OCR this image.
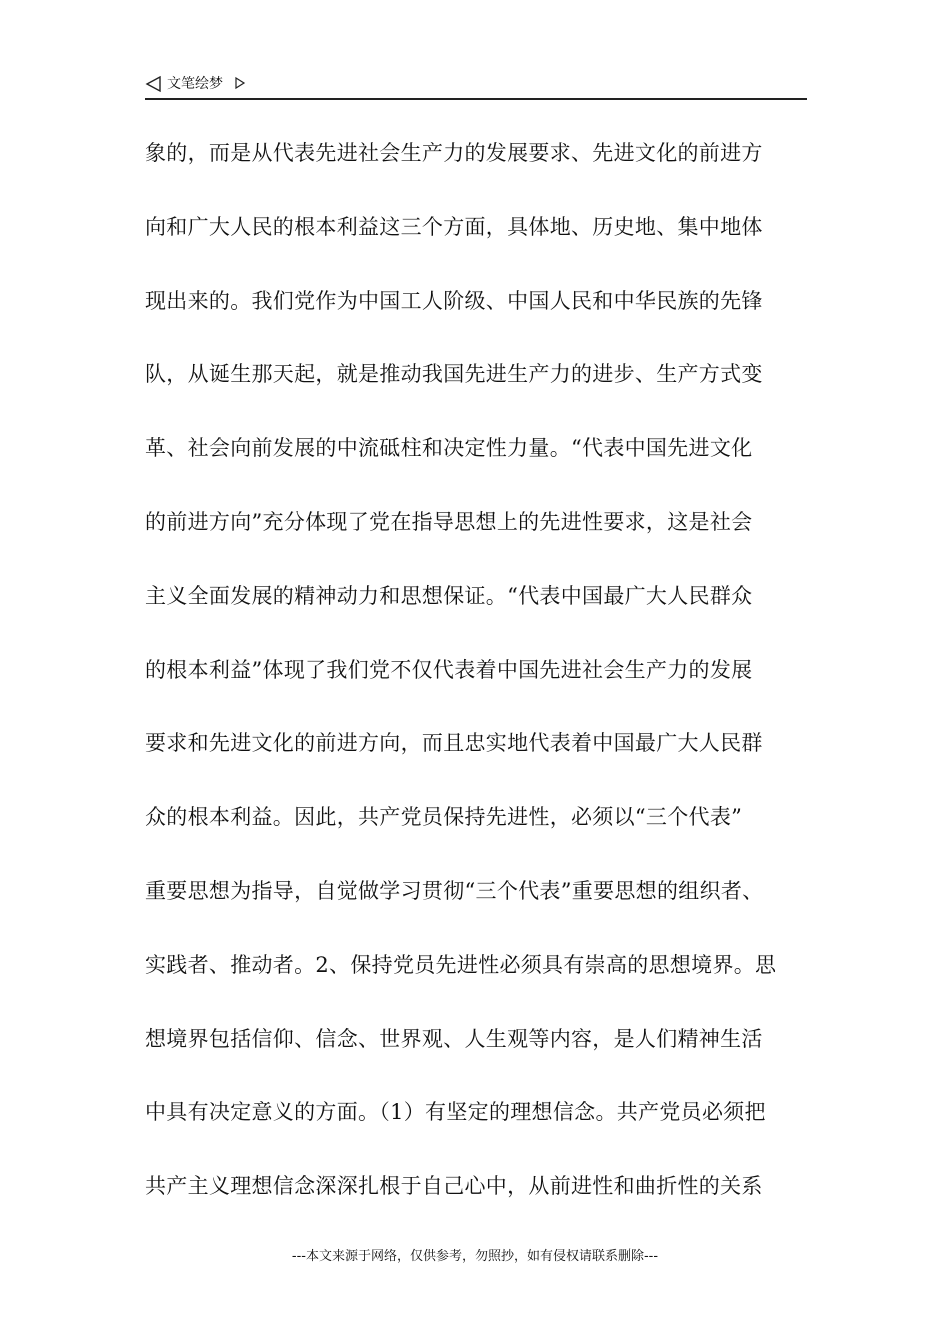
文笔绘梦
象的，而是从代表先进社会生产力的发展要求、先进文化的前进方
向和广大人民的根本利益这三个方面，具体地、历史地、集中地体
现出来的。我们党作为中国工人阶级、中国人民和中华民族的先锋
队，从诞生那天起，就是推动我国先进生产力的进步、生产方式变
革、社会向前发展的中流砥柱和决定性力量。“代表中国先进文化
的前进方向”充分体现了党在指导思想上的先进性要求，这是社会
主义全面发展的精神动力和思想保证。“代表中国最广大人民群众
的根本利益”体现了我们党不仅代表着中国先进社会生产力的发展
要求和先进文化的前进方向，而且忠实地代表着中国最广大人民群
众的根本利益。因此，共产党员保持先进性，必须以“三个代表”
重要思想为指导，自觉做学习贯彻“三个代表”重要思想的组织者、
实践者、推动者。2、保持党员先进性必须具有崇高的思想境界。思
想境界包括信仰、信念、世界观、人生观等内容，是人们精神生活
中具有决定意义的方面。（1）有坚定的理想信念。共产党员必须把
共产主义理想信念深深扎根于自己心中，从前进性和曲折性的关系
---本文来源于网络，仅供参考，勿照抄，如有侵权请联系删除---
